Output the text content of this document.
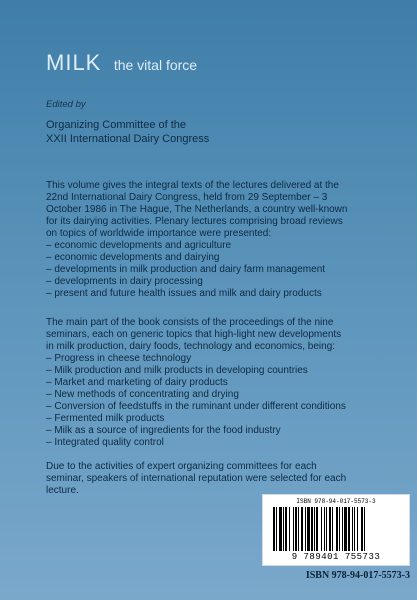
MILK the vital force
Edited by
Organizing Committee of the
XXII International Dairy Congress
This volume gives the integral texts of the lectures delivered at the
22nd International Dairy Congress, held from 29 September – 3
October 1986 in The Hague, The Netherlands, a country well-known
for its dairying activities. Plenary lectures comprising broad reviews
on topics of worldwide importance were presented:
– economic developments and agriculture
– economic developments and dairying
– developments in milk production and dairy farm management
– developments in dairy processing
– present and future health issues and milk and dairy products
The main part of the book consists of the proceedings of the nine
seminars, each on generic topics that high-light new developments
in milk production, dairy foods, technology and economics, being:
– Progress in cheese technology
– Milk production and milk products in developing countries
– Market and marketing of dairy products
– New methods of concentrating and drying
– Conversion of feedstuffs in the ruminant under different conditions
– Fermented milk products
– Milk as a source of ingredients for the food industry
– Integrated quality control
Due to the activities of expert organizing committees for each
seminar, speakers of international reputation were selected for each
lecture.
ISBN 978-94-017-5573-3
9 789401 755733
ISBN 978-94-017-5573-3
